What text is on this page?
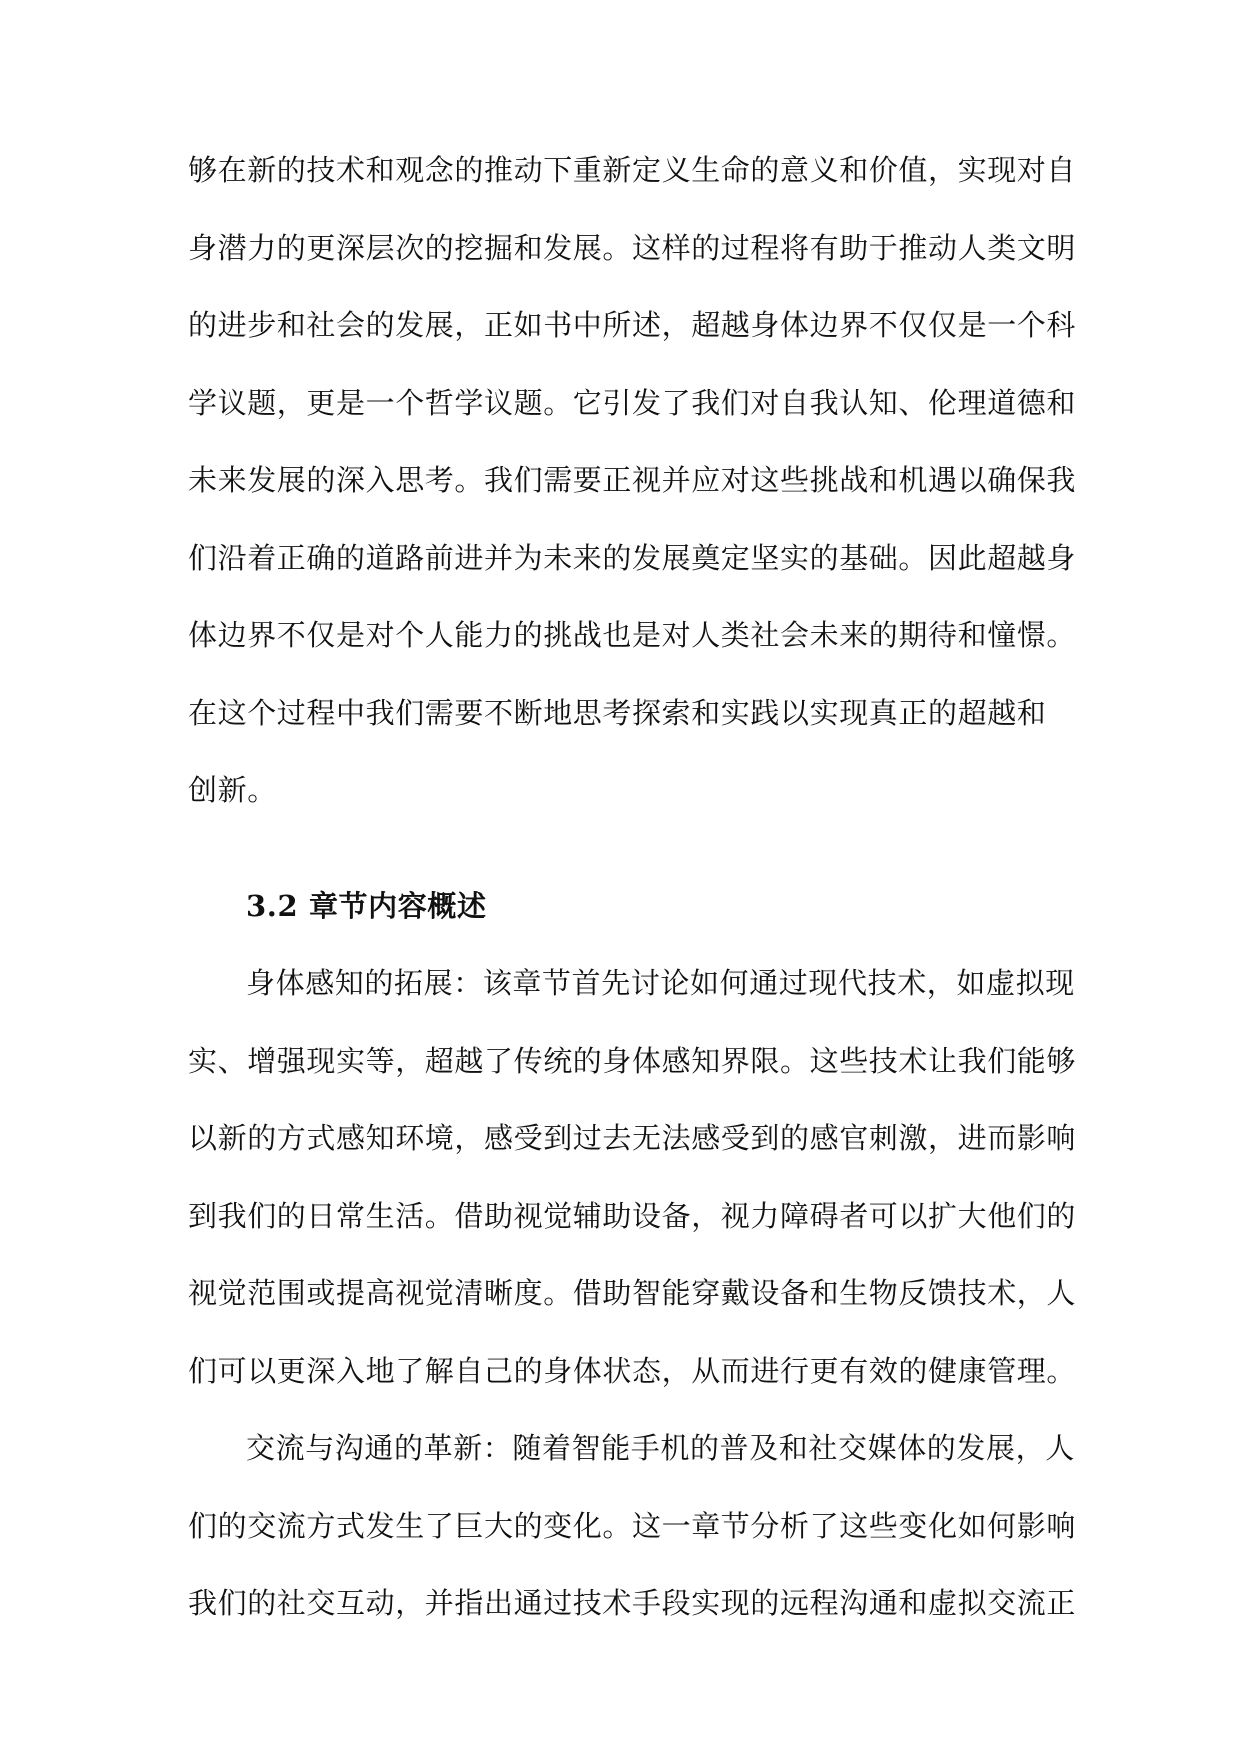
够在新的技术和观念的推动下重新定义生命的意义和价值，实现对自
身潜力的更深层次的挖掘和发展。这样的过程将有助于推动人类文明
的进步和社会的发展，正如书中所述，超越身体边界不仅仅是一个科
学议题，更是一个哲学议题。它引发了我们对自我认知、伦理道德和
未来发展的深入思考。我们需要正视并应对这些挑战和机遇以确保我
们沿着正确的道路前进并为未来的发展奠定坚实的基础。因此超越身
体边界不仅是对个人能力的挑战也是对人类社会未来的期待和憧憬。
在这个过程中我们需要不断地思考探索和实践以实现真正的超越和
创新。
3.2 章节内容概述
身体感知的拓展：该章节首先讨论如何通过现代技术，如虚拟现
实、增强现实等，超越了传统的身体感知界限。这些技术让我们能够
以新的方式感知环境，感受到过去无法感受到的感官刺激，进而影响
到我们的日常生活。借助视觉辅助设备，视力障碍者可以扩大他们的
视觉范围或提高视觉清晰度。借助智能穿戴设备和生物反馈技术，人
们可以更深入地了解自己的身体状态，从而进行更有效的健康管理。
交流与沟通的革新：随着智能手机的普及和社交媒体的发展，人
们的交流方式发生了巨大的变化。这一章节分析了这些变化如何影响
我们的社交互动，并指出通过技术手段实现的远程沟通和虚拟交流正
